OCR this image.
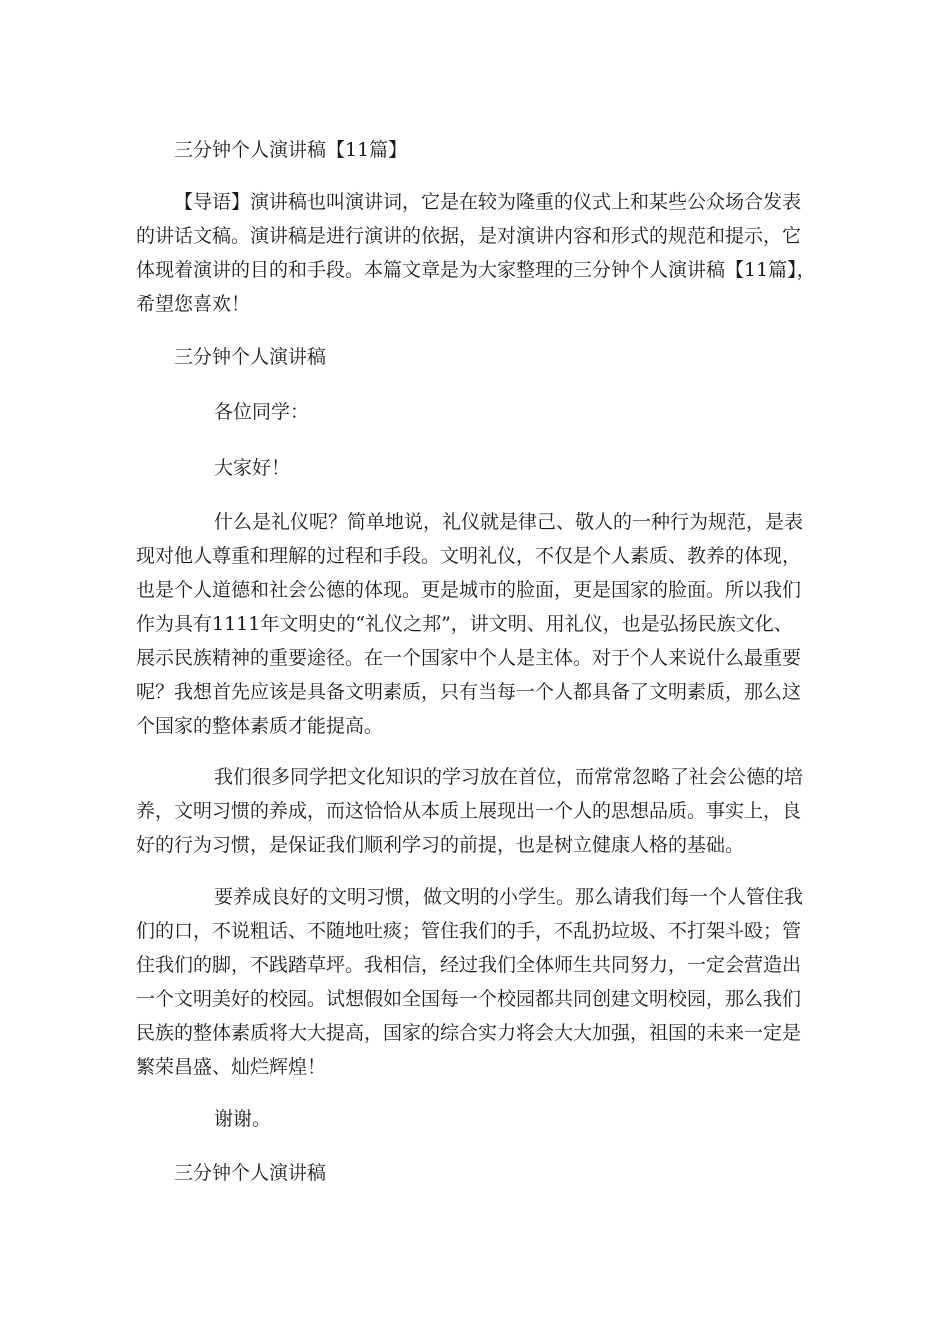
三分钟个人演讲稿【11篇】
【导语】演讲稿也叫演讲词，它是在较为隆重的仪式上和某些公众场合发表
的讲话文稿。演讲稿是进行演讲的依据，是对演讲内容和形式的规范和提示，它
体现着演讲的目的和手段。本篇文章是为大家整理的三分钟个人演讲稿【11篇】，
希望您喜欢！
三分钟个人演讲稿
各位同学：
大家好！
什么是礼仪呢？简单地说，礼仪就是律己、敬人的一种行为规范，是表
现对他人尊重和理解的过程和手段。文明礼仪，不仅是个人素质、教养的体现，
也是个人道德和社会公德的体现。更是城市的脸面，更是国家的脸面。所以我们
作为具有1111年文明史的“礼仪之邦”，讲文明、用礼仪，也是弘扬民族文化、
展示民族精神的重要途径。在一个国家中个人是主体。对于个人来说什么最重要
呢？我想首先应该是具备文明素质，只有当每一个人都具备了文明素质，那么这
个国家的整体素质才能提高。
我们很多同学把文化知识的学习放在首位，而常常忽略了社会公德的培
养，文明习惯的养成，而这恰恰从本质上展现出一个人的思想品质。事实上，良
好的行为习惯，是保证我们顺利学习的前提，也是树立健康人格的基础。
要养成良好的文明习惯，做文明的小学生。那么请我们每一个人管住我
们的口，不说粗话、不随地吐痰；管住我们的手，不乱扔垃圾、不打架斗殴；管
住我们的脚，不践踏草坪。我相信，经过我们全体师生共同努力，一定会营造出
一个文明美好的校园。试想假如全国每一个校园都共同创建文明校园，那么我们
民族的整体素质将大大提高，国家的综合实力将会大大加强，祖国的未来一定是
繁荣昌盛、灿烂辉煌！
谢谢。
三分钟个人演讲稿
